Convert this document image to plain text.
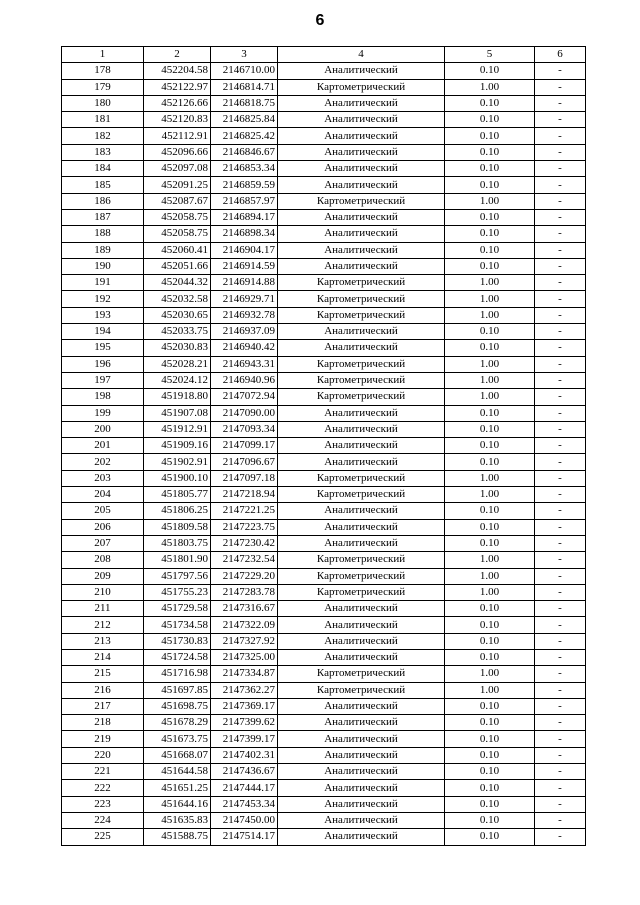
6
1	2	3	4	5	6
178	452204.58	2146710.00	Аналитический	0.10	-
179	452122.97	2146814.71	Картометрический	1.00	-
180	452126.66	2146818.75	Аналитический	0.10	-
181	452120.83	2146825.84	Аналитический	0.10	-
182	452112.91	2146825.42	Аналитический	0.10	-
183	452096.66	2146846.67	Аналитический	0.10	-
184	452097.08	2146853.34	Аналитический	0.10	-
185	452091.25	2146859.59	Аналитический	0.10	-
186	452087.67	2146857.97	Картометрический	1.00	-
187	452058.75	2146894.17	Аналитический	0.10	-
188	452058.75	2146898.34	Аналитический	0.10	-
189	452060.41	2146904.17	Аналитический	0.10	-
190	452051.66	2146914.59	Аналитический	0.10	-
191	452044.32	2146914.88	Картометрический	1.00	-
192	452032.58	2146929.71	Картометрический	1.00	-
193	452030.65	2146932.78	Картометрический	1.00	-
194	452033.75	2146937.09	Аналитический	0.10	-
195	452030.83	2146940.42	Аналитический	0.10	-
196	452028.21	2146943.31	Картометрический	1.00	-
197	452024.12	2146940.96	Картометрический	1.00	-
198	451918.80	2147072.94	Картометрический	1.00	-
199	451907.08	2147090.00	Аналитический	0.10	-
200	451912.91	2147093.34	Аналитический	0.10	-
201	451909.16	2147099.17	Аналитический	0.10	-
202	451902.91	2147096.67	Аналитический	0.10	-
203	451900.10	2147097.18	Картометрический	1.00	-
204	451805.77	2147218.94	Картометрический	1.00	-
205	451806.25	2147221.25	Аналитический	0.10	-
206	451809.58	2147223.75	Аналитический	0.10	-
207	451803.75	2147230.42	Аналитический	0.10	-
208	451801.90	2147232.54	Картометрический	1.00	-
209	451797.56	2147229.20	Картометрический	1.00	-
210	451755.23	2147283.78	Картометрический	1.00	-
211	451729.58	2147316.67	Аналитический	0.10	-
212	451734.58	2147322.09	Аналитический	0.10	-
213	451730.83	2147327.92	Аналитический	0.10	-
214	451724.58	2147325.00	Аналитический	0.10	-
215	451716.98	2147334.87	Картометрический	1.00	-
216	451697.85	2147362.27	Картометрический	1.00	-
217	451698.75	2147369.17	Аналитический	0.10	-
218	451678.29	2147399.62	Аналитический	0.10	-
219	451673.75	2147399.17	Аналитический	0.10	-
220	451668.07	2147402.31	Аналитический	0.10	-
221	451644.58	2147436.67	Аналитический	0.10	-
222	451651.25	2147444.17	Аналитический	0.10	-
223	451644.16	2147453.34	Аналитический	0.10	-
224	451635.83	2147450.00	Аналитический	0.10	-
225	451588.75	2147514.17	Аналитический	0.10	-
